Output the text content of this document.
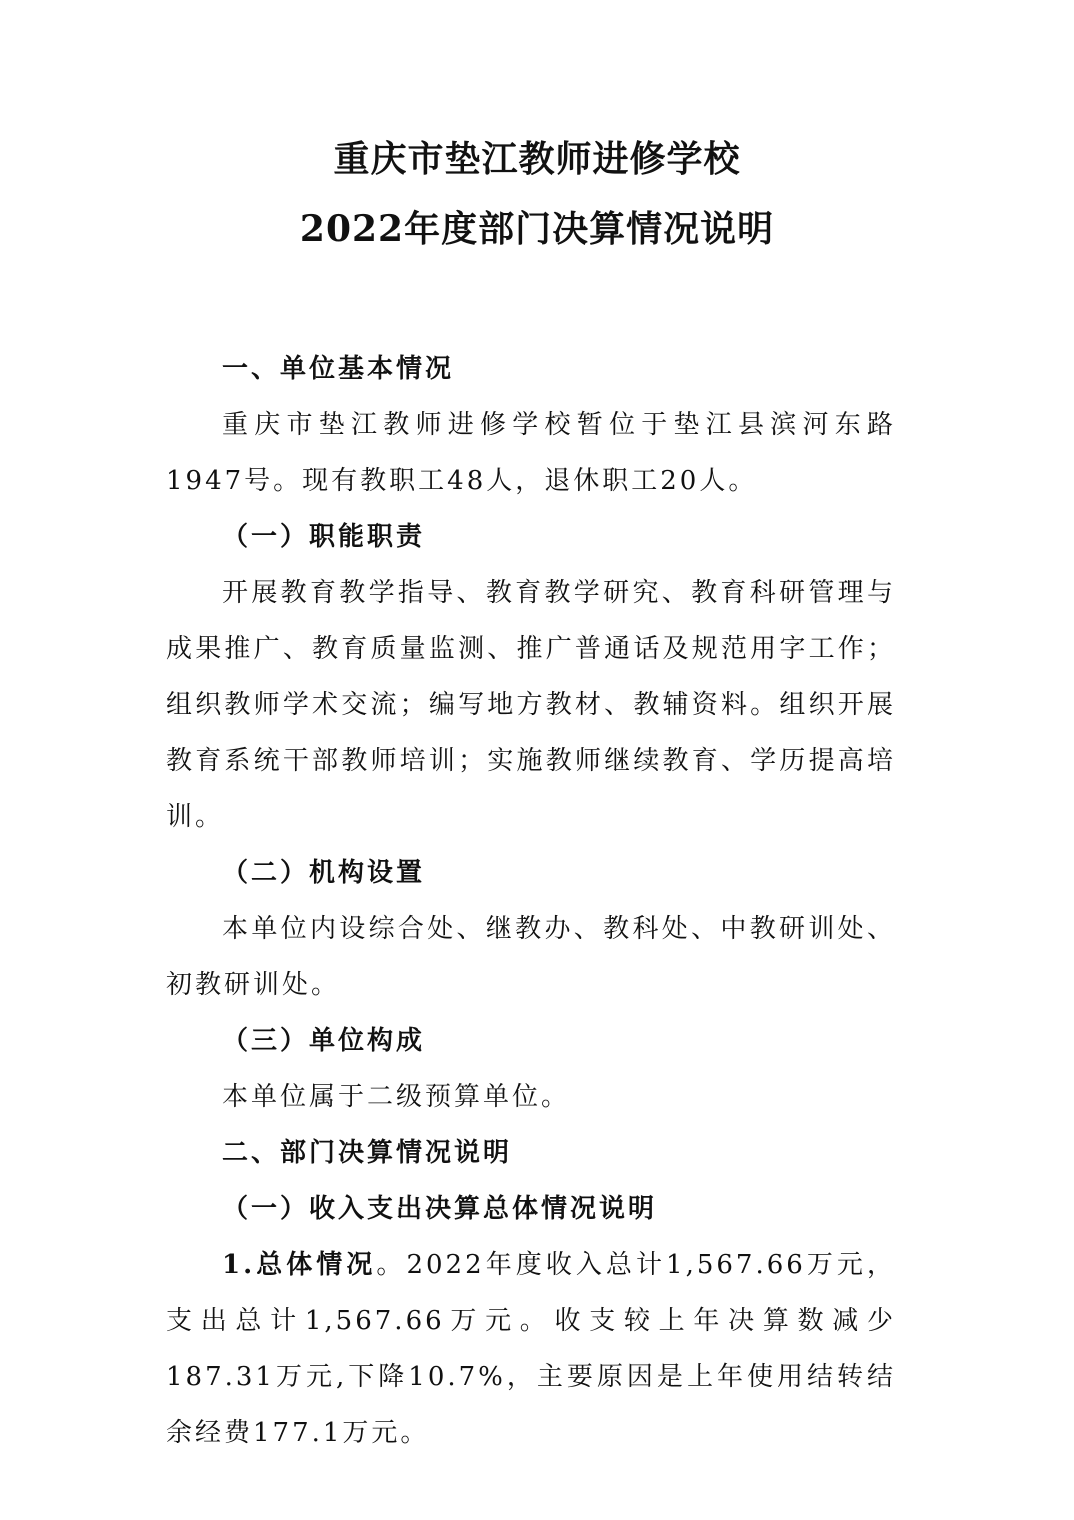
重庆市垫江教师进修学校
2022年度部门决算情况说明

一、单位基本情况

重庆市垫江教师进修学校暂位于垫江县滨河东路1947号。现有教职工48人，退休职工20人。

（一）职能职责

开展教育教学指导、教育教学研究、教育科研管理与成果推广、教育质量监测、推广普通话及规范用字工作；组织教师学术交流；编写地方教材、教辅资料。组织开展教育系统干部教师培训；实施教师继续教育、学历提高培训。

（二）机构设置

本单位内设综合处、继教办、教科处、中教研训处、初教研训处。

（三）单位构成

本单位属于二级预算单位。

二、部门决算情况说明

（一）收入支出决算总体情况说明

1.总体情况。2022年度收入总计1,567.66万元，支出总计1,567.66万元。收支较上年决算数减少187.31万元,下降10.7%，主要原因是上年使用结转结余经费177.1万元。
